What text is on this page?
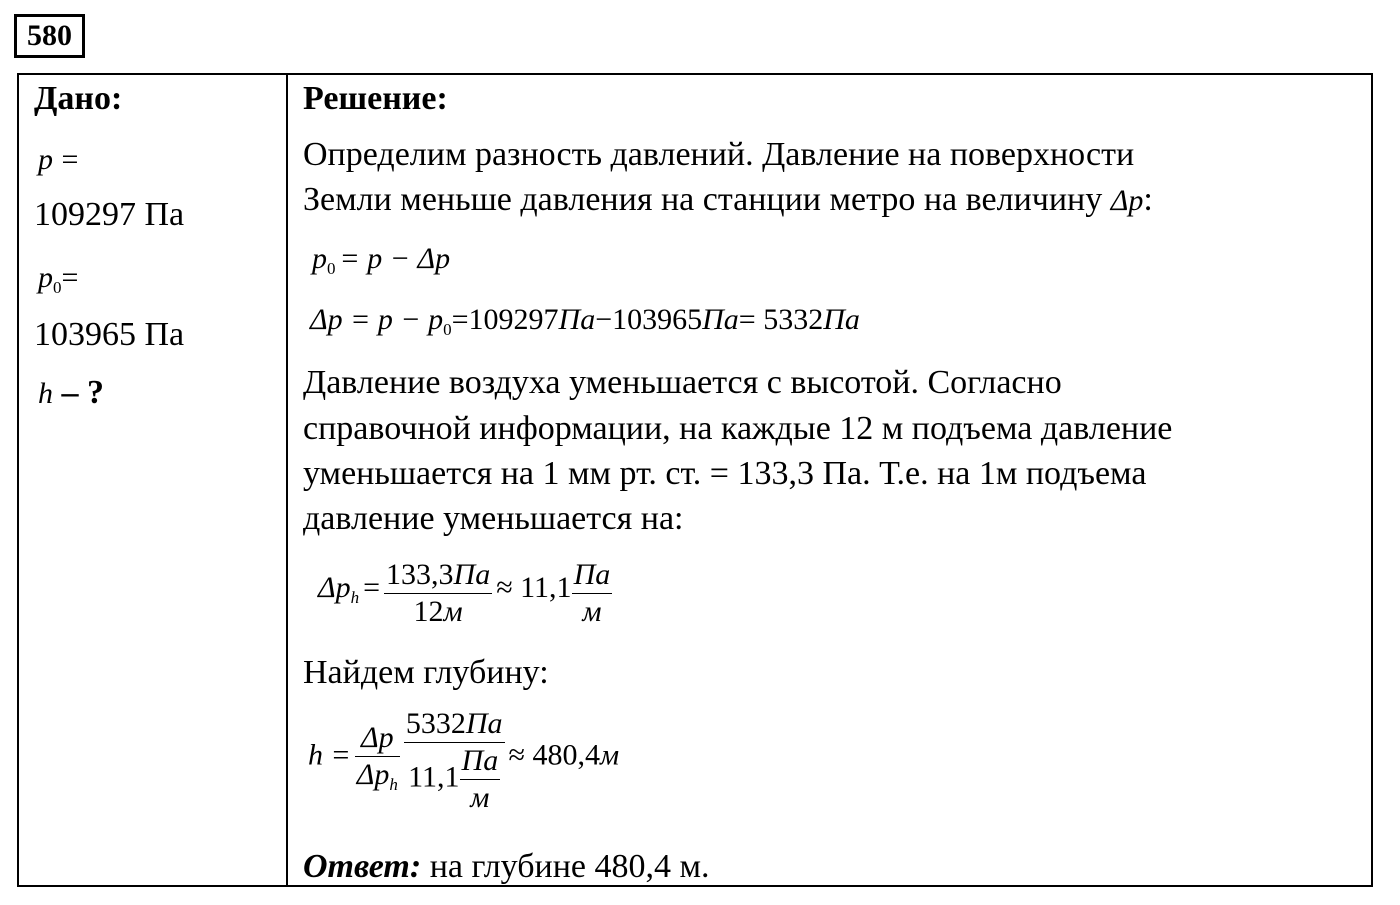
580
Дано:
p =
109297 Па
$p_0=$
103965 Па
h – ?
Решение:
Определим разность давлений. Давление на поверхности
Земли меньше давления на станции метро на величину Δp:
$p_0 = p - \Delta p$
$\Delta p = p - p_0=109297Па-103965Па= 5332Па$
Давление воздуха уменьшается с высотой. Согласно
справочной информации, на каждые 12 м подъема давление
уменьшается на 1 мм рт. ст. = 133,3 Па. Т.е. на 1м подъема
давление уменьшается на:
$\Delta p_h = \frac{133,3Па}{12м} \approx 11,1 \frac{Па}{м}$
Найдем глубину:
$h = \frac{\Delta p}{\Delta p_h}$
$\frac{5332Па}{11,1 \frac{Па}{м}} \approx 480,4м$
Ответ: на глубине 480,4 м.
